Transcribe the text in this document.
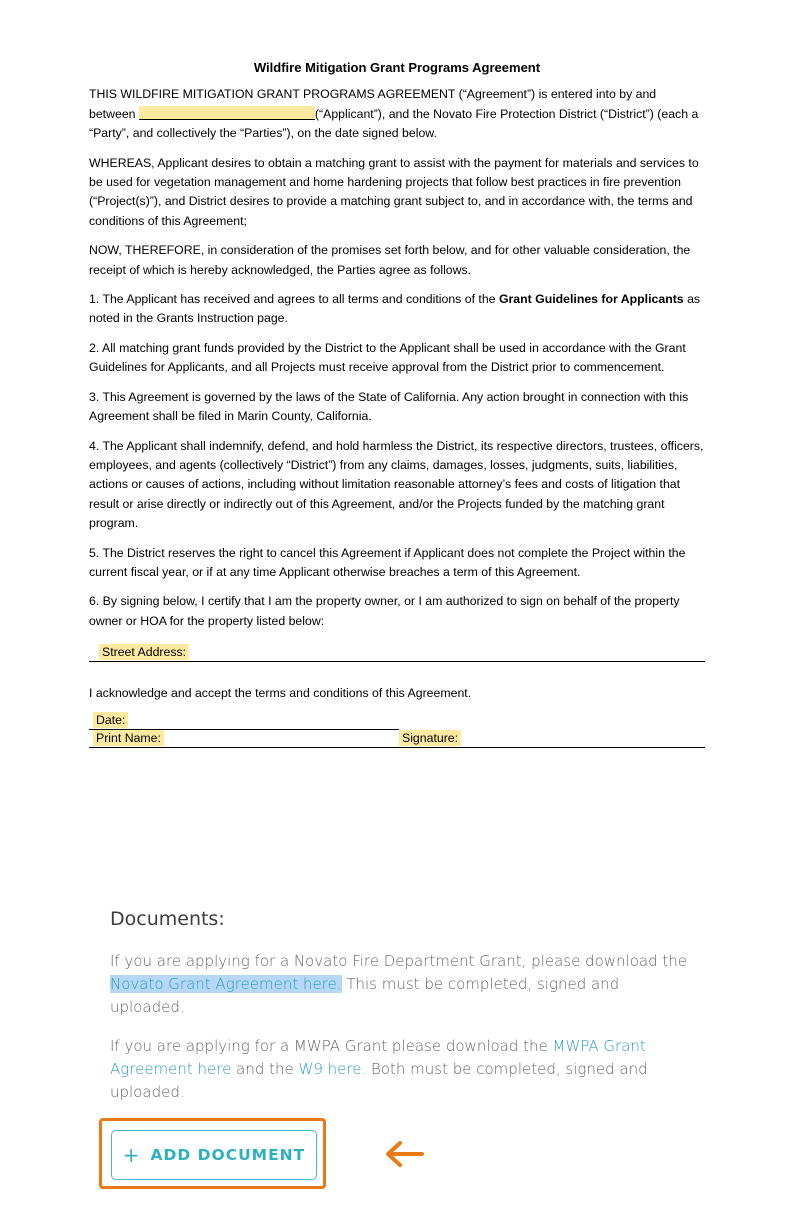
Wildfire Mitigation Grant Programs Agreement

THIS WILDFIRE MITIGATION GRANT PROGRAMS AGREEMENT (“Agreement”) is entered into by and between	(“Applicant”), and the Novato Fire Protection District (“District”) (each a “Party”, and collectively the “Parties”), on the date signed below.

WHEREAS, Applicant desires to obtain a matching grant to assist with the payment for materials and services to be used for vegetation management and home hardening projects that follow best practices in fire prevention (“Project(s)”), and District desires to provide a matching grant subject to, and in accordance with, the terms and conditions of this Agreement;

NOW, THEREFORE, in consideration of the promises set forth below, and for other valuable consideration, the receipt of which is hereby acknowledged, the Parties agree as follows.

1. The Applicant has received and agrees to all terms and conditions of the Grant Guidelines for Applicants as noted in the Grants Instruction page.

2. All matching grant funds provided by the District to the Applicant shall be used in accordance with the Grant Guidelines for Applicants, and all Projects must receive approval from the District prior to commencement.

3. This Agreement is governed by the laws of the State of California. Any action brought in connection with this Agreement shall be filed in Marin County, California.

4. The Applicant shall indemnify, defend, and hold harmless the District, its respective directors, trustees, officers, employees, and agents (collectively “District”) from any claims, damages, losses, judgments, suits, liabilities, actions or causes of actions, including without limitation reasonable attorney’s fees and costs of litigation that result or arise directly or indirectly out of this Agreement, and/or the Projects funded by the matching grant program.

5. The District reserves the right to cancel this Agreement if Applicant does not complete the Project within the current fiscal year, or if at any time Applicant otherwise breaches a term of this Agreement.

6. By signing below, I certify that I am the property owner, or I am authorized to sign on behalf of the property owner or HOA for the property listed below:

Street Address:

I acknowledge and accept the terms and conditions of this Agreement.

Date:
Print Name:	Signature:
Documents:

If you are applying for a Novato Fire Department Grant, please download the Novato Grant Agreement here. This must be completed, signed and uploaded.

If you are applying for a MWPA Grant please download the MWPA Grant Agreement here and the W9 here. Both must be completed, signed and uploaded.

+ ADD DOCUMENT
